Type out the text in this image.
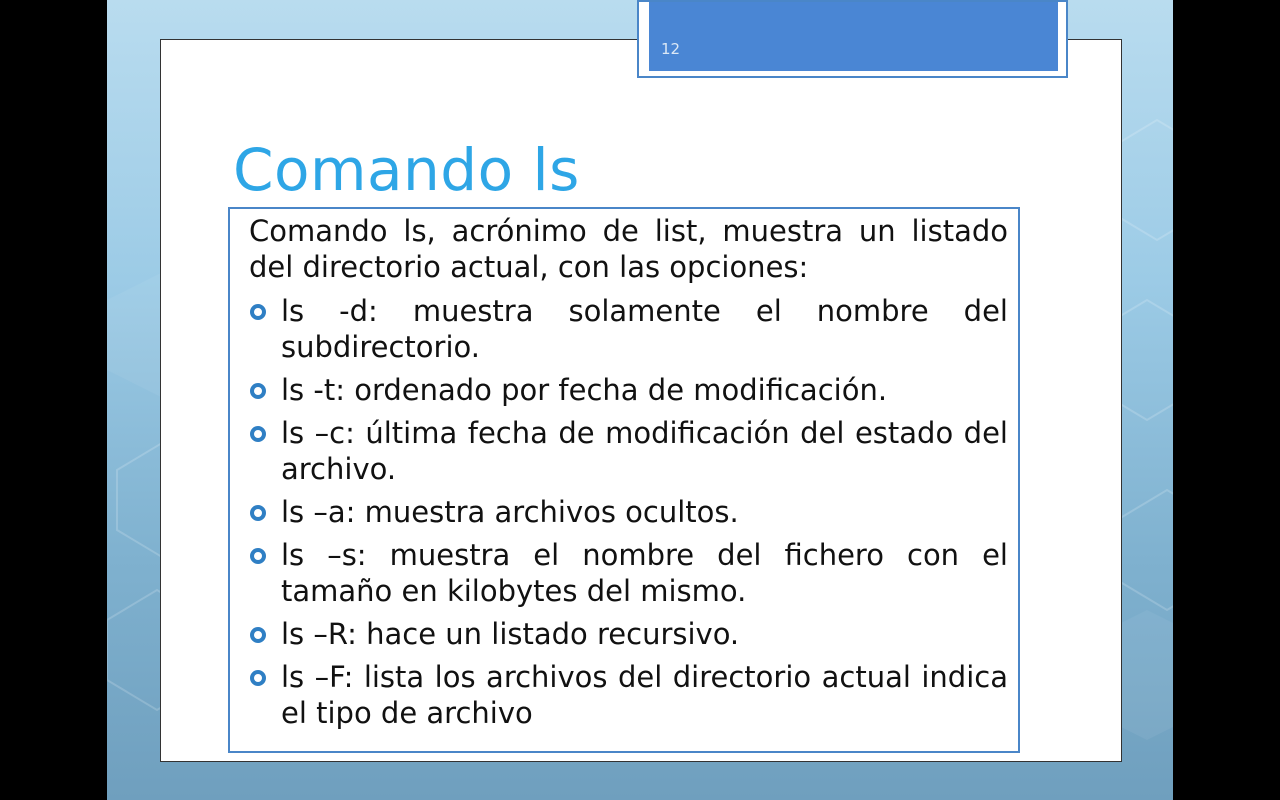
Comando ls

Comando ls, acrónimo de list, muestra un listado del directorio actual, con las opciones:

ls -d: muestra solamente el nombre del subdirectorio.
ls -t: ordenado por fecha de modificación.
ls –c: última fecha de modificación del estado del archivo.
ls –a: muestra archivos ocultos.
ls –s: muestra el nombre del fichero con el tamaño en kilobytes del mismo.
ls –R: hace un listado recursivo.
ls –F: lista los archivos del directorio actual indica el tipo de archivo
12
